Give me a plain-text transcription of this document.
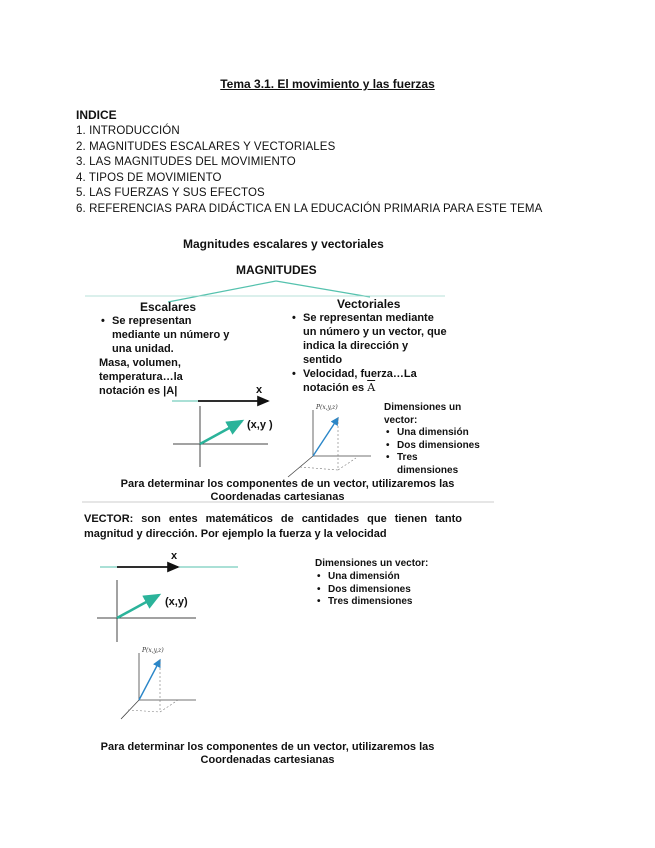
Tema 3.1. El movimiento y las fuerzas
INDICE
1. INTRODUCCIÓN
2. MAGNITUDES ESCALARES Y VECTORIALES
3. LAS MAGNITUDES DEL MOVIMIENTO
4. TIPOS DE MOVIMIENTO
5. LAS FUERZAS Y SUS EFECTOS
6. REFERENCIAS PARA DIDÁCTICA EN LA EDUCACIÓN PRIMARIA PARA ESTE TEMA
Magnitudes escalares y vectoriales
MAGNITUDES
Escalares
• Se representan mediante un número y una unidad.
Masa, volumen, temperatura…la notación es |A|
Vectoriales
• Se representan mediante un número y un vector, que indica la dirección y sentido
• Velocidad, fuerza…La notación es $\overline{A}$
x
(x,y )
P(x,y,z)	Dimensiones un vector:
• Una dimensión
• Dos dimensiones
• Tres dimensiones
Para determinar los componentes de un vector, utilizaremos las
Coordenadas cartesianas
VECTOR: son entes matemáticos de cantidades que tienen tanto magnitud y dirección. Por ejemplo la fuerza y la velocidad
x
(x,y)
P(x,y,z)
Dimensiones un vector:
• Una dimensión
• Dos dimensiones
• Tres dimensiones
Para determinar los componentes de un vector, utilizaremos las
Coordenadas cartesianas
